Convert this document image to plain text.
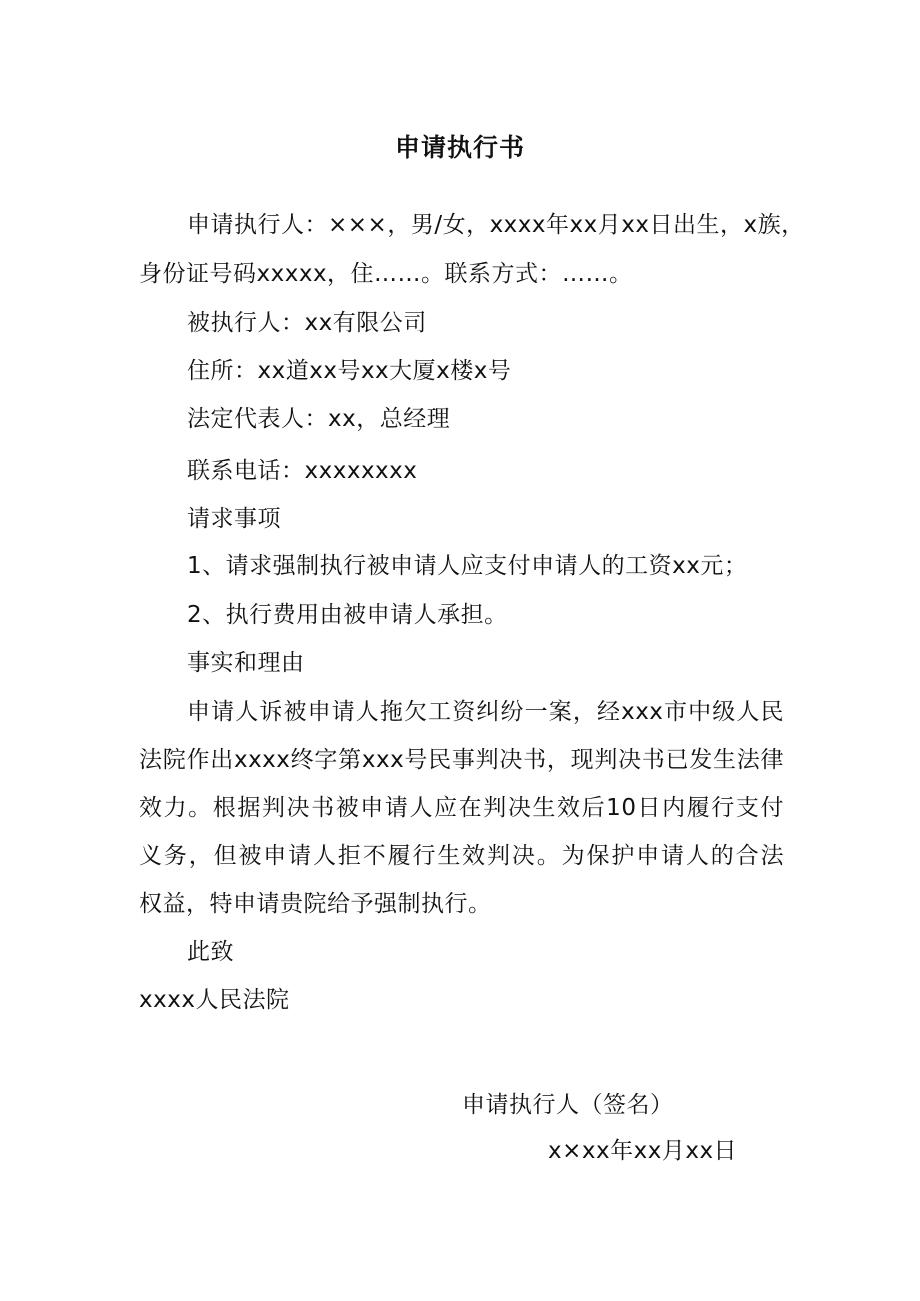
申请执行书
申请执行人：×××，男/女，xxxx年xx月xx日出生，x族，
身份证号码xxxxx，住……。联系方式：……。
被执行人：xx有限公司
住所：xx道xx号xx大厦x楼x号
法定代表人：xx，总经理
联系电话：xxxxxxxx
请求事项
1、请求强制执行被申请人应支付申请人的工资xx元；
2、执行费用由被申请人承担。
事实和理由
申请人诉被申请人拖欠工资纠纷一案，经xxx市中级人民
法院作出xxxx终字第xxx号民事判决书，现判决书已发生法律
效力。根据判决书被申请人应在判决生效后10日内履行支付
义务，但被申请人拒不履行生效判决。为保护申请人的合法
权益，特申请贵院给予强制执行。
此致
xxxx人民法院
申请执行人（签名）
x×xx年xx月xx日
